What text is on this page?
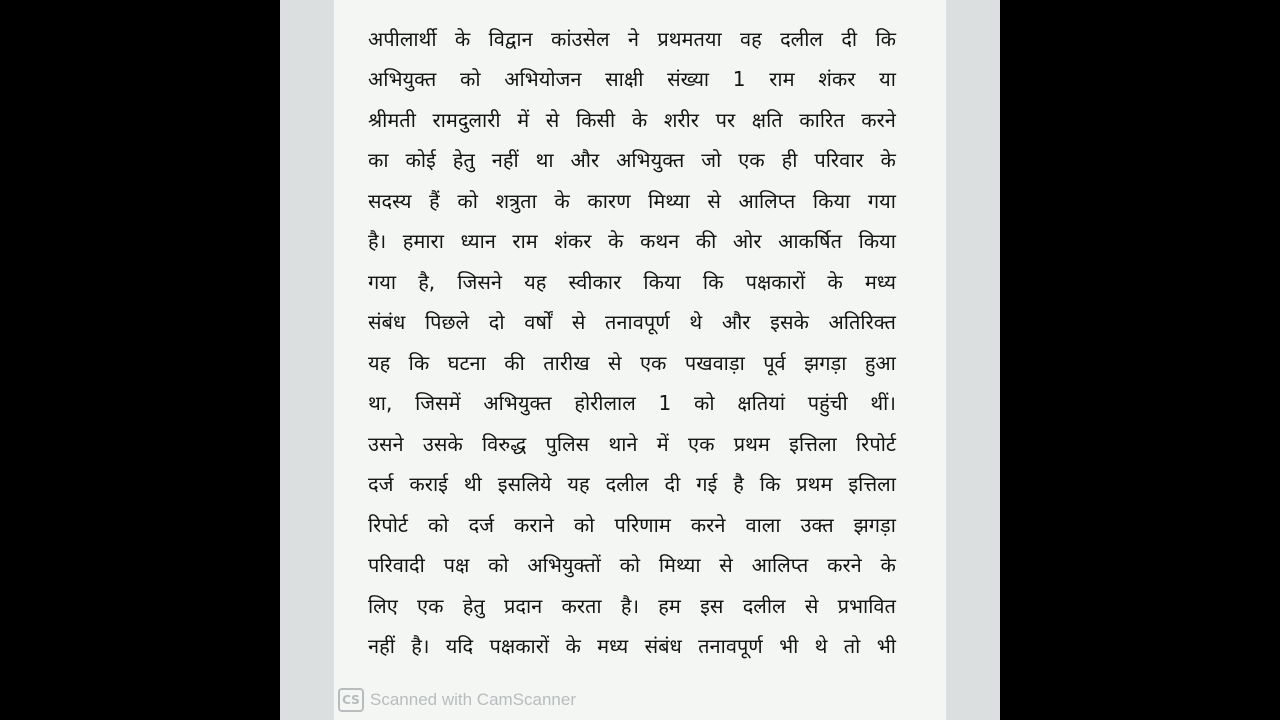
अपीलार्थी के विद्वान कांउसेल ने प्रथमतया वह दलील दी कि
अभियुक्त को अभियोजन साक्षी संख्या 1 राम शंकर या
श्रीमती रामदुलारी में से किसी के शरीर पर क्षति कारित करने
का कोई हेतु नहीं था और अभियुक्त जो एक ही परिवार के
सदस्य हैं को शत्रुता के कारण मिथ्या से आलिप्त किया गया
है। हमारा ध्यान राम शंकर के कथन की ओर आकर्षित किया
गया है, जिसने यह स्वीकार किया कि पक्षकारों के मध्य
संबंध पिछले दो वर्षों से तनावपूर्ण थे और इसके अतिरिक्त
यह कि घटना की तारीख से एक पखवाड़ा पूर्व झगड़ा हुआ
था, जिसमें अभियुक्त होरीलाल 1 को क्षतियां पहुंची थीं।
उसने उसके विरुद्ध पुलिस थाने में एक प्रथम इत्तिला रिपोर्ट
दर्ज कराई थी इसलिये यह दलील दी गई है कि प्रथम इत्तिला
रिपोर्ट को दर्ज कराने को परिणाम करने वाला उक्त झगड़ा
परिवादी पक्ष को अभियुक्तों को मिथ्या से आलिप्त करने के
लिए एक हेतु प्रदान करता है। हम इस दलील से प्रभावित
नहीं है। यदि पक्षकारों के मध्य संबंध तनावपूर्ण भी थे तो भी
CS Scanned with CamScanner
